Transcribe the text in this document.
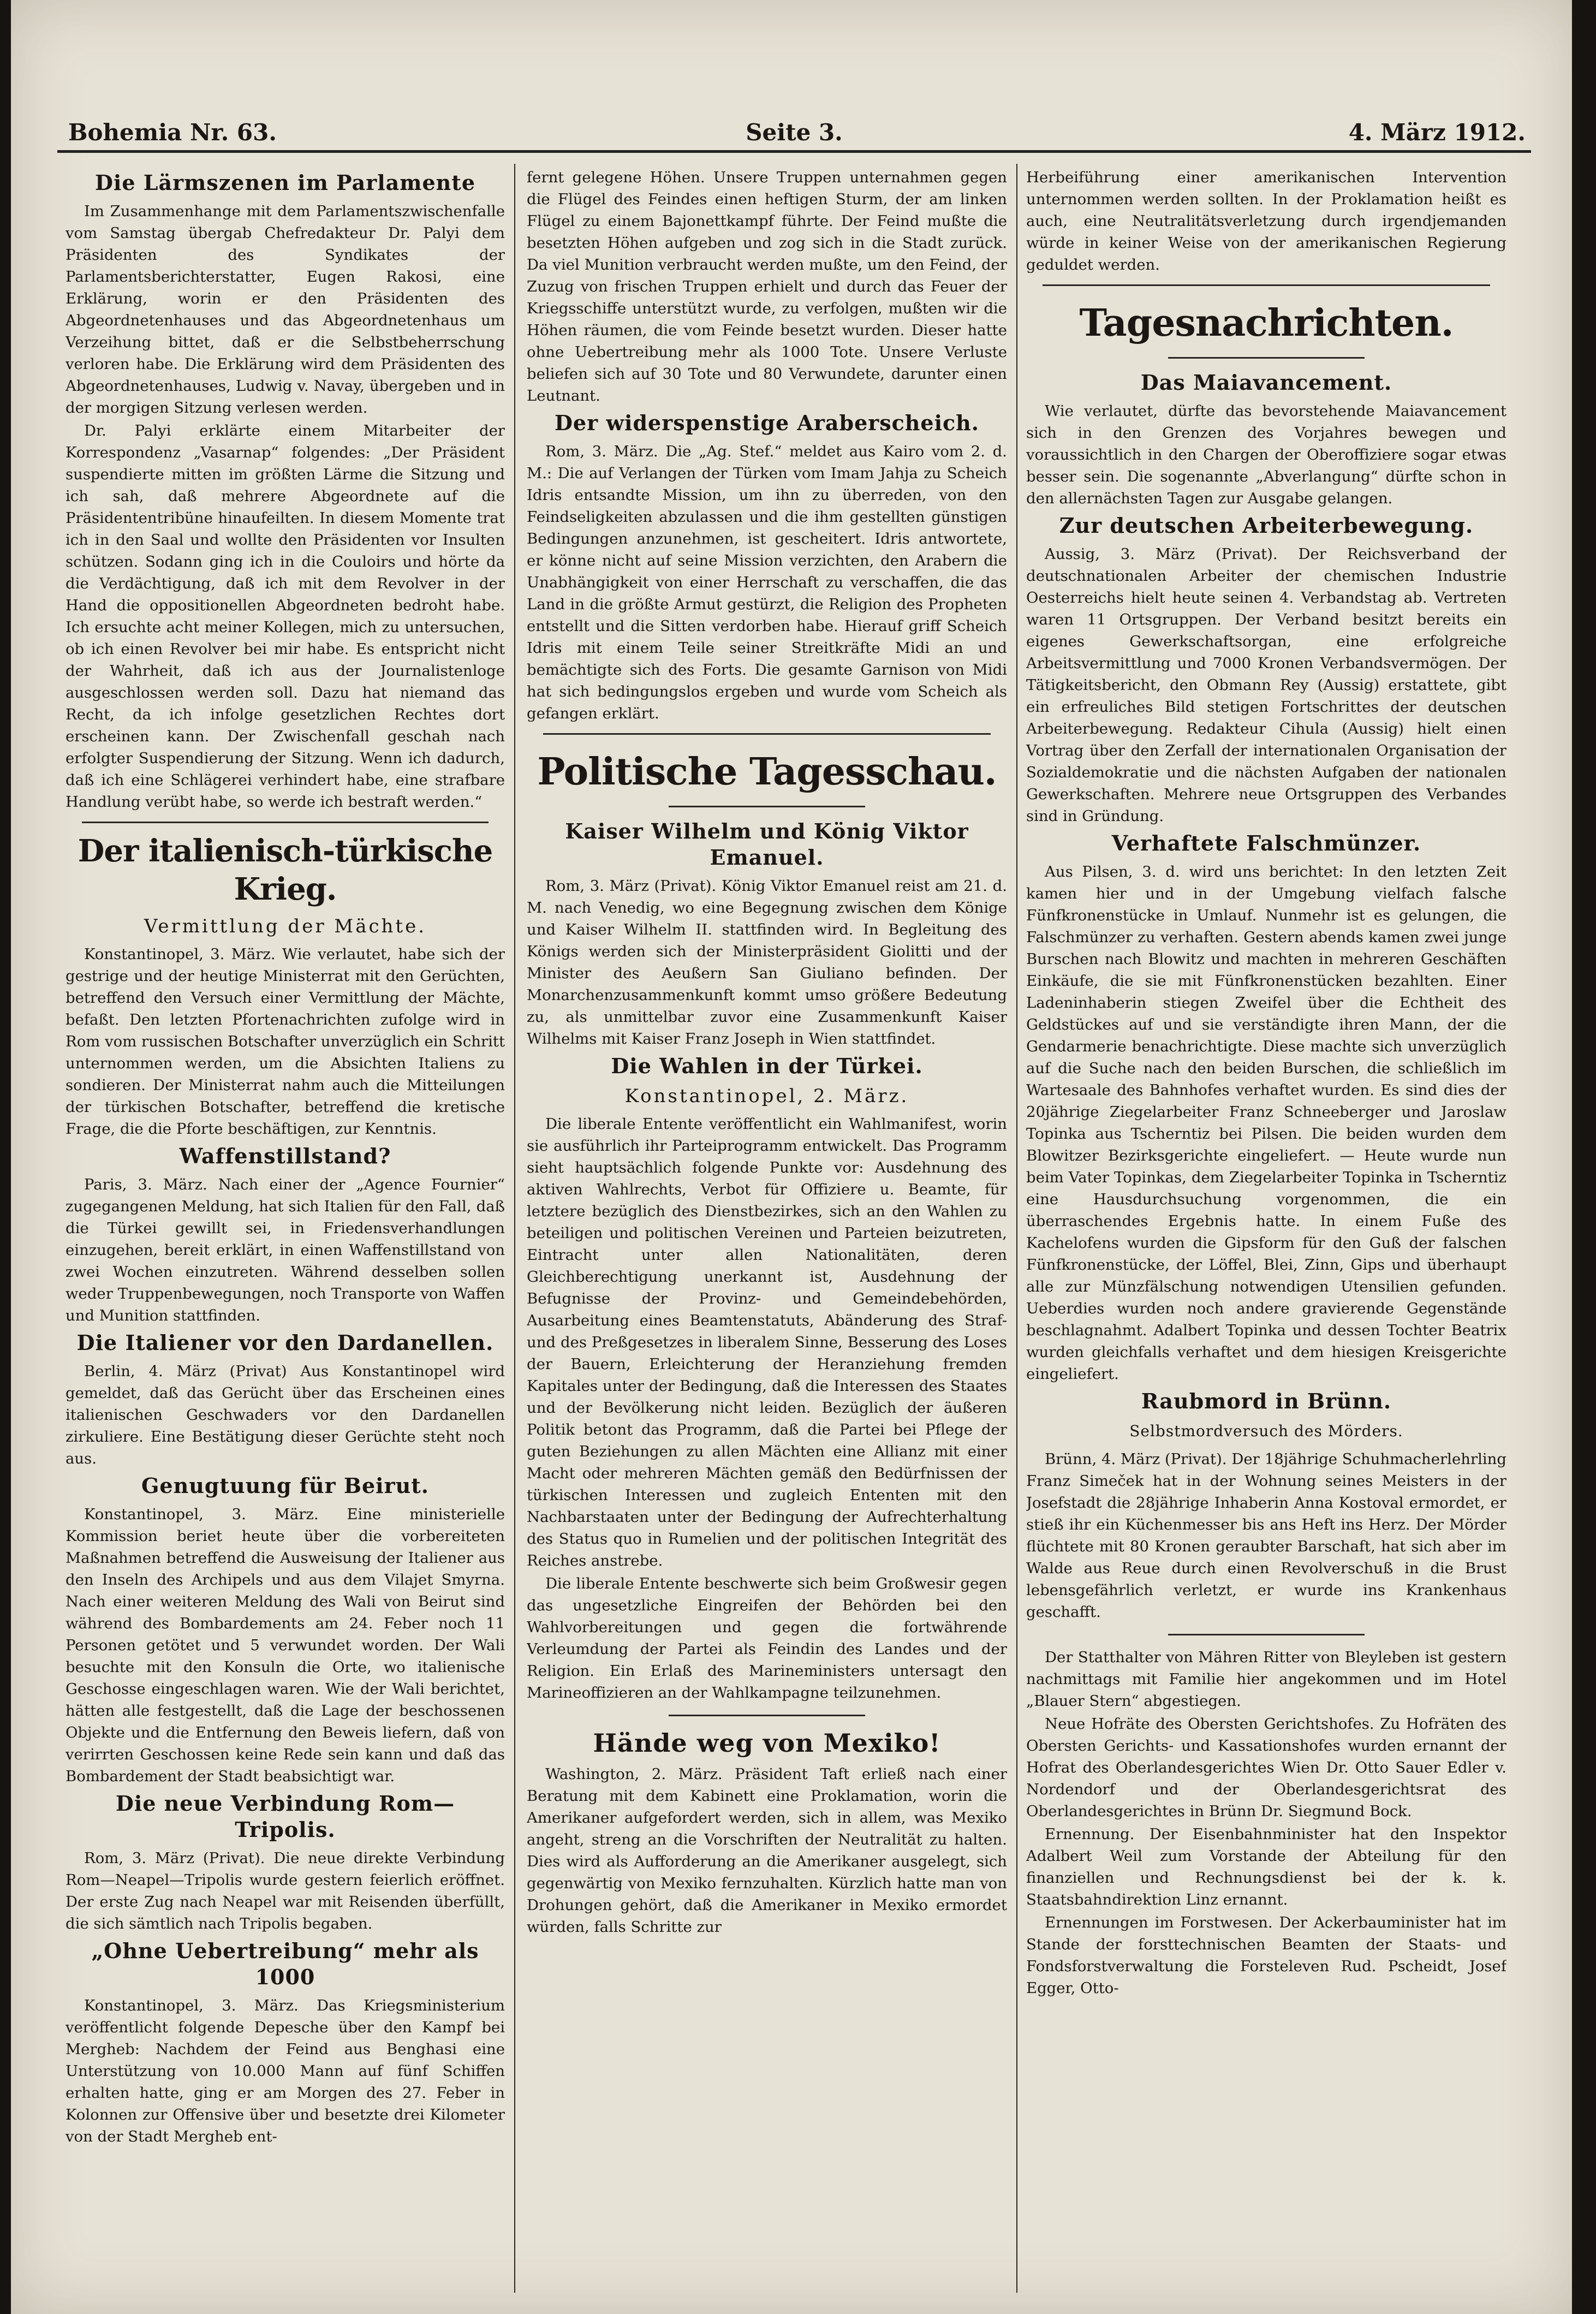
Bohemia Nr. 63.	Seite 3.	4. März 1912.
Die Lärmszenen im Parlamente

Im Zusammenhange mit dem Parlamentszwischenfalle vom Samstag übergab Chefredakteur Dr. Palyi dem Präsidenten des Syndikates der Parlamentsberichterstatter, Eugen Rakosi, eine Erklärung, worin er den Präsidenten des Abgeordnetenhauses und das Abgeordnetenhaus um Verzeihung bittet, daß er die Selbstbeherrschung verloren habe. Die Erklärung wird dem Präsidenten des Abgeordnetenhauses, Ludwig v. Navay, übergeben und in der morgigen Sitzung verlesen werden.

Dr. Palyi erklärte einem Mitarbeiter der Korrespondenz „Vasarnap“ folgendes: „Der Präsident suspendierte mitten im größten Lärme die Sitzung und ich sah, daß mehrere Abgeordnete auf die Präsidententribüne hinaufeilten. In diesem Momente trat ich in den Saal und wollte den Präsidenten vor Insulten schützen. Sodann ging ich in die Couloirs und hörte da die Verdächtigung, daß ich mit dem Revolver in der Hand die oppositionellen Abgeordneten bedroht habe. Ich ersuchte acht meiner Kollegen, mich zu untersuchen, ob ich einen Revolver bei mir habe. Es entspricht nicht der Wahrheit, daß ich aus der Journalistenloge ausgeschlossen werden soll. Dazu hat niemand das Recht, da ich infolge gesetzlichen Rechtes dort erscheinen kann. Der Zwischenfall geschah nach erfolgter Suspendierung der Sitzung. Wenn ich dadurch, daß ich eine Schlägerei verhindert habe, eine strafbare Handlung verübt habe, so werde ich bestraft werden.“

Der italienisch-türkische Krieg.
Vermittlung der Mächte.

Konstantinopel, 3. März. Wie verlautet, habe sich der gestrige und der heutige Ministerrat mit den Gerüchten, betreffend den Versuch einer Vermittlung der Mächte, befaßt. Den letzten Pfortenachrichten zufolge wird in Rom vom russischen Botschafter unverzüglich ein Schritt unternommen werden, um die Absichten Italiens zu sondieren. Der Ministerrat nahm auch die Mitteilungen der türkischen Botschafter, betreffend die kretische Frage, die die Pforte beschäftigen, zur Kenntnis.

Waffenstillstand?

Paris, 3. März. Nach einer der „Agence Fournier“ zugegangenen Meldung, hat sich Italien für den Fall, daß die Türkei gewillt sei, in Friedensverhandlungen einzugehen, bereit erklärt, in einen Waffenstillstand von zwei Wochen einzutreten. Während desselben sollen weder Truppenbewegungen, noch Transporte von Waffen und Munition stattfinden.

Die Italiener vor den Dardanellen.

Berlin, 4. März (Privat) Aus Konstantinopel wird gemeldet, daß das Gerücht über das Erscheinen eines italienischen Geschwaders vor den Dardanellen zirkuliere. Eine Bestätigung dieser Gerüchte steht noch aus.

Genugtuung für Beirut.

Konstantinopel, 3. März. Eine ministerielle Kommission beriet heute über die vorbereiteten Maßnahmen betreffend die Ausweisung der Italiener aus den Inseln des Archipels und aus dem Vilajet Smyrna. Nach einer weiteren Meldung des Wali von Beirut sind während des Bombardements am 24. Feber noch 11 Personen getötet und 5 verwundet worden. Der Wali besuchte mit den Konsuln die Orte, wo italienische Geschosse eingeschlagen waren. Wie der Wali berichtet, hätten alle festgestellt, daß die Lage der beschossenen Objekte und die Entfernung den Beweis liefern, daß von verirrten Geschossen keine Rede sein kann und daß das Bombardement der Stadt beabsichtigt war.

Die neue Verbindung Rom—Tripolis.

Rom, 3. März (Privat). Die neue direkte Verbindung Rom—Neapel—Tripolis wurde gestern feierlich eröffnet. Der erste Zug nach Neapel war mit Reisenden überfüllt, die sich sämtlich nach Tripolis begaben.

„Ohne Uebertreibung“ mehr als 1000

Konstantinopel, 3. März. Das Kriegsministerium veröffentlicht folgende Depesche über den Kampf bei Mergheb: Nachdem der Feind aus Benghasi eine Unterstützung von 10.000 Mann auf fünf Schiffen erhalten hatte, ging er am Morgen des 27. Feber in Kolonnen zur Offensive über und besetzte drei Kilometer von der Stadt Mergheb ent-

fernt gelegene Höhen. Unsere Truppen unternahmen gegen die Flügel des Feindes einen heftigen Sturm, der am linken Flügel zu einem Bajonettkampf führte. Der Feind mußte die besetzten Höhen aufgeben und zog sich in die Stadt zurück. Da viel Munition verbraucht werden mußte, um den Feind, der Zuzug von frischen Truppen erhielt und durch das Feuer der Kriegsschiffe unterstützt wurde, zu verfolgen, mußten wir die Höhen räumen, die vom Feinde besetzt wurden. Dieser hatte ohne Uebertreibung mehr als 1000 Tote. Unsere Verluste beliefen sich auf 30 Tote und 80 Verwundete, darunter einen Leutnant.

Der widerspenstige Araberscheich.

Rom, 3. März. Die „Ag. Stef.“ meldet aus Kairo vom 2. d. M.: Die auf Verlangen der Türken vom Imam Jahja zu Scheich Idris entsandte Mission, um ihn zu überreden, von den Feindseligkeiten abzulassen und die ihm gestellten günstigen Bedingungen anzunehmen, ist gescheitert. Idris antwortete, er könne nicht auf seine Mission verzichten, den Arabern die Unabhängigkeit von einer Herrschaft zu verschaffen, die das Land in die größte Armut gestürzt, die Religion des Propheten entstellt und die Sitten verdorben habe. Hierauf griff Scheich Idris mit einem Teile seiner Streitkräfte Midi an und bemächtigte sich des Forts. Die gesamte Garnison von Midi hat sich bedingungslos ergeben und wurde vom Scheich als gefangen erklärt.

Politische Tagesschau.
Kaiser Wilhelm und König Viktor Emanuel.

Rom, 3. März (Privat). König Viktor Emanuel reist am 21. d. M. nach Venedig, wo eine Begegnung zwischen dem Könige und Kaiser Wilhelm II. stattfinden wird. In Begleitung des Königs werden sich der Ministerpräsident Giolitti und der Minister des Aeußern San Giuliano befinden. Der Monarchenzusammenkunft kommt umso größere Bedeutung zu, als unmittelbar zuvor eine Zusammenkunft Kaiser Wilhelms mit Kaiser Franz Joseph in Wien stattfindet.

Die Wahlen in der Türkei.
Konstantinopel, 2. März.

Die liberale Entente veröffentlicht ein Wahlmanifest, worin sie ausführlich ihr Parteiprogramm entwickelt. Das Programm sieht hauptsächlich folgende Punkte vor: Ausdehnung des aktiven Wahlrechts, Verbot für Offiziere u. Beamte, für letztere bezüglich des Dienstbezirkes, sich an den Wahlen zu beteiligen und politischen Vereinen und Parteien beizutreten, Eintracht unter allen Nationalitäten, deren Gleichberechtigung unerkannt ist, Ausdehnung der Befugnisse der Provinz- und Gemeindebehörden, Ausarbeitung eines Beamtenstatuts, Abänderung des Straf- und des Preßgesetzes in liberalem Sinne, Besserung des Loses der Bauern, Erleichterung der Heranziehung fremden Kapitales unter der Bedingung, daß die Interessen des Staates und der Bevölkerung nicht leiden. Bezüglich der äußeren Politik betont das Programm, daß die Partei bei Pflege der guten Beziehungen zu allen Mächten eine Allianz mit einer Macht oder mehreren Mächten gemäß den Bedürfnissen der türkischen Interessen und zugleich Ententen mit den Nachbarstaaten unter der Bedingung der Aufrechterhaltung des Status quo in Rumelien und der politischen Integrität des Reiches anstrebe.

Die liberale Entente beschwerte sich beim Großwesir gegen das ungesetzliche Eingreifen der Behörden bei den Wahlvorbereitungen und gegen die fortwährende Verleumdung der Partei als Feindin des Landes und der Religion. Ein Erlaß des Marineministers untersagt den Marineoffizieren an der Wahlkampagne teilzunehmen.

Hände weg von Mexiko!

Washington, 2. März. Präsident Taft erließ nach einer Beratung mit dem Kabinett eine Proklamation, worin die Amerikaner aufgefordert werden, sich in allem, was Mexiko angeht, streng an die Vorschriften der Neutralität zu halten. Dies wird als Aufforderung an die Amerikaner ausgelegt, sich gegenwärtig von Mexiko fernzuhalten. Kürzlich hatte man von Drohungen gehört, daß die Amerikaner in Mexiko ermordet würden, falls Schritte zur

Herbeiführung einer amerikanischen Intervention unternommen werden sollten. In der Proklamation heißt es auch, eine Neutralitätsverletzung durch irgendjemanden würde in keiner Weise von der amerikanischen Regierung geduldet werden.

Tagesnachrichten.
Das Maiavancement.

Wie verlautet, dürfte das bevorstehende Maiavancement sich in den Grenzen des Vorjahres bewegen und voraussichtlich in den Chargen der Oberoffiziere sogar etwas besser sein. Die sogenannte „Abverlangung“ dürfte schon in den allernächsten Tagen zur Ausgabe gelangen.

Zur deutschen Arbeiterbewegung.

Aussig, 3. März (Privat). Der Reichsverband der deutschnationalen Arbeiter der chemischen Industrie Oesterreichs hielt heute seinen 4. Verbandstag ab. Vertreten waren 11 Ortsgruppen. Der Verband besitzt bereits ein eigenes Gewerkschaftsorgan, eine erfolgreiche Arbeitsvermittlung und 7000 Kronen Verbandsvermögen. Der Tätigkeitsbericht, den Obmann Rey (Aussig) erstattete, gibt ein erfreuliches Bild stetigen Fortschrittes der deutschen Arbeiterbewegung. Redakteur Cihula (Aussig) hielt einen Vortrag über den Zerfall der internationalen Organisation der Sozialdemokratie und die nächsten Aufgaben der nationalen Gewerkschaften. Mehrere neue Ortsgruppen des Verbandes sind in Gründung.

Verhaftete Falschmünzer.

Aus Pilsen, 3. d. wird uns berichtet: In den letzten Zeit kamen hier und in der Umgebung vielfach falsche Fünfkronenstücke in Umlauf. Nunmehr ist es gelungen, die Falschmünzer zu verhaften. Gestern abends kamen zwei junge Burschen nach Blowitz und machten in mehreren Geschäften Einkäufe, die sie mit Fünfkronenstücken bezahlten. Einer Ladeninhaberin stiegen Zweifel über die Echtheit des Geldstückes auf und sie verständigte ihren Mann, der die Gendarmerie benachrichtigte. Diese machte sich unverzüglich auf die Suche nach den beiden Burschen, die schließlich im Wartesaale des Bahnhofes verhaftet wurden. Es sind dies der 20jährige Ziegelarbeiter Franz Schneeberger und Jaroslaw Topinka aus Tscherntiz bei Pilsen. Die beiden wurden dem Blowitzer Bezirksgerichte eingeliefert. — Heute wurde nun beim Vater Topinkas, dem Ziegelarbeiter Topinka in Tscherntiz eine Hausdurchsuchung vorgenommen, die ein überraschendes Ergebnis hatte. In einem Fuße des Kachelofens wurden die Gipsform für den Guß der falschen Fünfkronenstücke, der Löffel, Blei, Zinn, Gips und überhaupt alle zur Münzfälschung notwendigen Utensilien gefunden. Ueberdies wurden noch andere gravierende Gegenstände beschlagnahmt. Adalbert Topinka und dessen Tochter Beatrix wurden gleichfalls verhaftet und dem hiesigen Kreisgerichte eingeliefert.

Raubmord in Brünn.
Selbstmordversuch des Mörders.

Brünn, 4. März (Privat). Der 18jährige Schuhmacherlehrling Franz Simeček hat in der Wohnung seines Meisters in der Josefstadt die 28jährige Inhaberin Anna Kostoval ermordet, er stieß ihr ein Küchenmesser bis ans Heft ins Herz. Der Mörder flüchtete mit 80 Kronen geraubter Barschaft, hat sich aber im Walde aus Reue durch einen Revolverschuß in die Brust lebensgefährlich verletzt, er wurde ins Krankenhaus geschafft.

Der Statthalter von Mähren Ritter von Bleyleben ist gestern nachmittags mit Familie hier angekommen und im Hotel „Blauer Stern“ abgestiegen.

Neue Hofräte des Obersten Gerichtshofes. Zu Hofräten des Obersten Gerichts- und Kassationshofes wurden ernannt der Hofrat des Oberlandesgerichtes Wien Dr. Otto Sauer Edler v. Nordendorf und der Oberlandesgerichtsrat des Oberlandesgerichtes in Brünn Dr. Siegmund Bock.

Ernennung. Der Eisenbahnminister hat den Inspektor Adalbert Weil zum Vorstande der Abteilung für den finanziellen und Rechnungsdienst bei der k. k. Staatsbahndirektion Linz ernannt.

Ernennungen im Forstwesen. Der Ackerbauminister hat im Stande der forsttechnischen Beamten der Staats- und Fondsforstverwaltung die Forsteleven Rud. Pscheidt, Josef Egger, Otto-
